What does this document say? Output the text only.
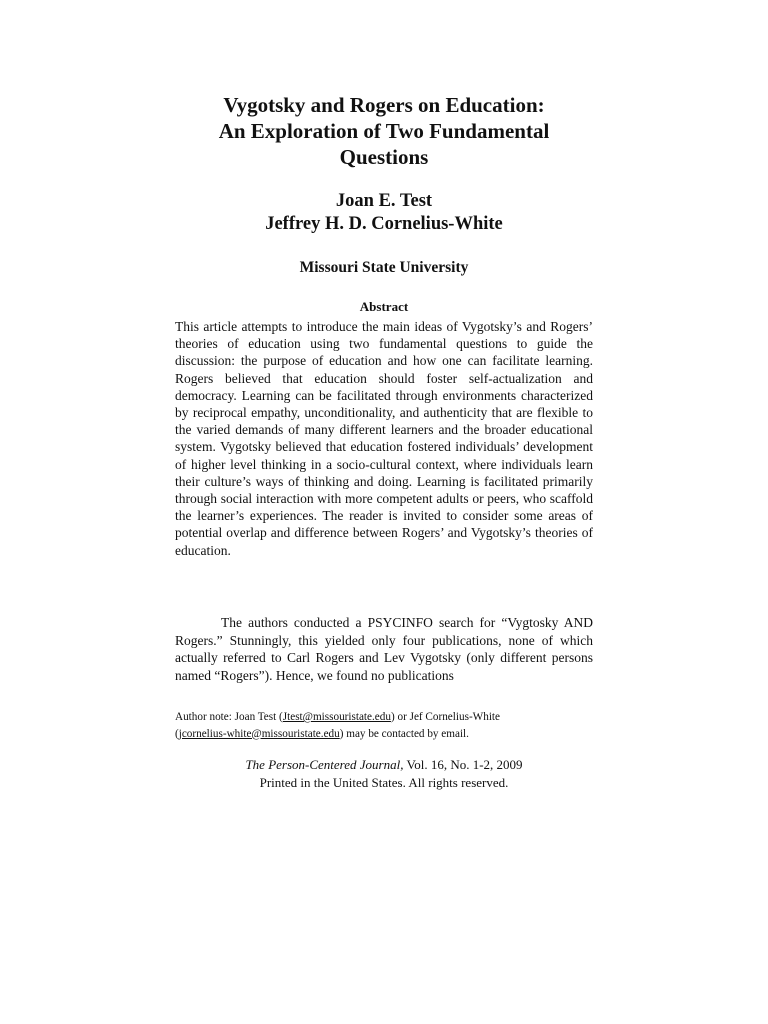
Vygotsky and Rogers on Education:
An Exploration of Two Fundamental
Questions
Joan E. Test
Jeffrey H. D. Cornelius-White
Missouri State University
Abstract
This article attempts to introduce the main ideas of Vygotsky’s and Rogers’ theories of education using two fundamental questions to guide the discussion: the purpose of education and how one can facilitate learning. Rogers believed that education should foster self-actualization and democracy. Learning can be facilitated through environments characterized by reciprocal empathy, unconditionality, and authenticity that are flexible to the varied demands of many different learners and the broader educational system. Vygotsky believed that education fostered individuals’ development of higher level thinking in a socio-cultural context, where individuals learn their culture’s ways of thinking and doing. Learning is facilitated primarily through social interaction with more competent adults or peers, who scaffold the learner’s experiences. The reader is invited to consider some areas of potential overlap and difference between Rogers’ and Vygotsky’s theories of education.
The authors conducted a PSYCINFO search for “Vygtosky AND Rogers.” Stunningly, this yielded only four publications, none of which actually referred to Carl Rogers and Lev Vygotsky (only different persons named “Rogers”). Hence, we found no publications
Author note: Joan Test (Jtest@missouristate.edu) or Jef Cornelius-White
(jcornelius-white@missouristate.edu) may be contacted by email.
The Person-Centered Journal, Vol. 16, No. 1-2, 2009
Printed in the United States. All rights reserved.
